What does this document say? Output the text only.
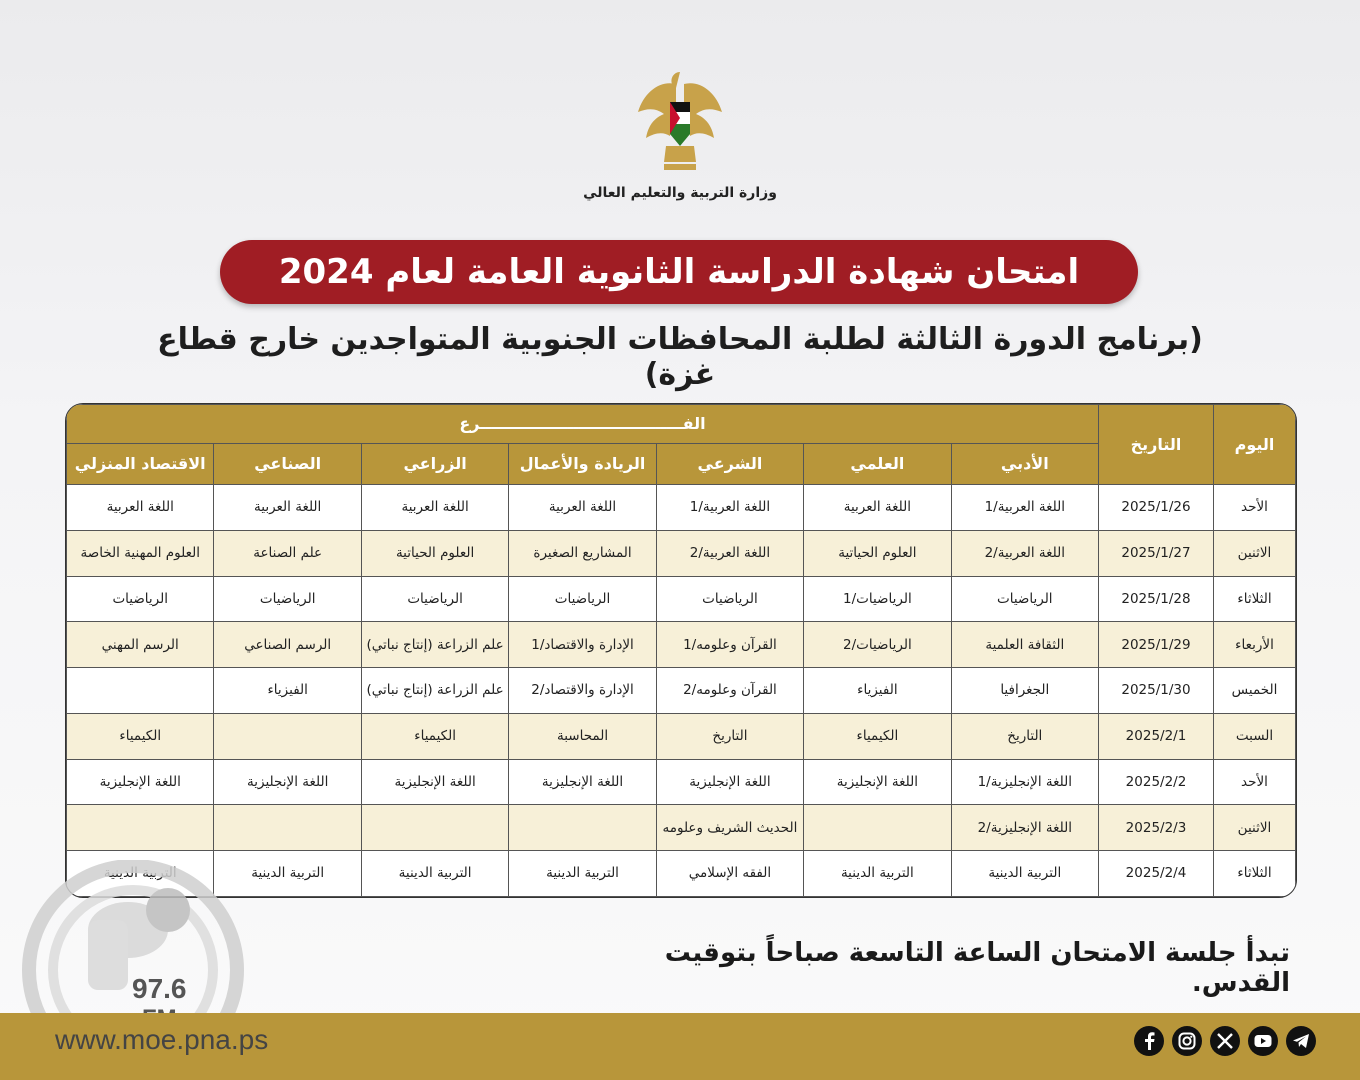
وزارة التربية والتعليم العالي
امتحان شهادة الدراسة الثانوية العامة لعام 2024
(برنامج الدورة الثالثة لطلبة المحافظات الجنوبية المتواجدين خارج قطاع غزة)
اليوم	التاريخ	الفـــــــــــــــــــــــــــــــــــــرع						
		الأدبي	العلمي	الشرعي	الريادة والأعمال	الزراعي	الصناعي	الاقتصاد المنزلي
الأحد	2025/1/26	اللغة العربية/1	اللغة العربية	اللغة العربية/1	اللغة العربية	اللغة العربية	اللغة العربية	اللغة العربية
الاثنين	2025/1/27	اللغة العربية/2	العلوم الحياتية	اللغة العربية/2	المشاريع الصغيرة	العلوم الحياتية	علم الصناعة	العلوم المهنية الخاصة
الثلاثاء	2025/1/28	الرياضيات	الرياضيات/1	الرياضيات	الرياضيات	الرياضيات	الرياضيات	الرياضيات
الأربعاء	2025/1/29	الثقافة العلمية	الرياضيات/2	القرآن وعلومه/1	الإدارة والاقتصاد/1	علم الزراعة (إنتاج نباتي)	الرسم الصناعي	الرسم المهني
الخميس	2025/1/30	الجغرافيا	الفيزياء	القرآن وعلومه/2	الإدارة والاقتصاد/2	علم الزراعة (إنتاج نباتي)	الفيزياء	
السبت	2025/2/1	التاريخ	الكيمياء	التاريخ	المحاسبة	الكيمياء		الكيمياء
الأحد	2025/2/2	اللغة الإنجليزية/1	اللغة الإنجليزية	اللغة الإنجليزية	اللغة الإنجليزية	اللغة الإنجليزية	اللغة الإنجليزية	اللغة الإنجليزية
الاثنين	2025/2/3	اللغة الإنجليزية/2		الحديث الشريف وعلومه				
الثلاثاء	2025/2/4	التربية الدينية	التربية الدينية	الفقه الإسلامي	التربية الدينية	التربية الدينية	التربية الدينية	التربية الدينية
تبدأ جلسة الامتحان الساعة التاسعة صباحاً بتوقيت القدس.
97.6
www.moe.pna.ps
